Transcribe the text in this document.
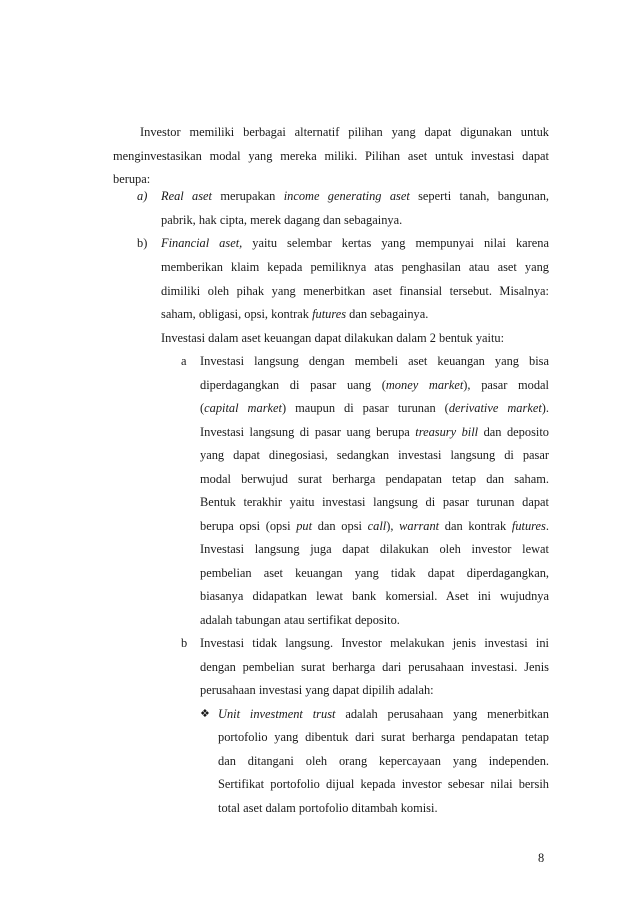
Investor memiliki berbagai alternatif pilihan yang dapat digunakan untuk
menginvestasikan modal yang mereka miliki. Pilihan aset untuk investasi dapat
berupa:
a) Real aset merupakan income generating aset seperti tanah, bangunan,
pabrik, hak cipta, merek dagang dan sebagainya.
b) Financial aset, yaitu selembar kertas yang mempunyai nilai karena
memberikan klaim kepada pemiliknya atas penghasilan atau aset yang
dimiliki oleh pihak yang menerbitkan aset finansial tersebut. Misalnya:
saham, obligasi, opsi, kontrak futures dan sebagainya.
Investasi dalam aset keuangan dapat dilakukan dalam 2 bentuk yaitu:
a Investasi langsung dengan membeli aset keuangan yang bisa
diperdagangkan di pasar uang (money market), pasar modal
(capital market) maupun di pasar turunan (derivative market).
Investasi langsung di pasar uang berupa treasury bill dan deposito
yang dapat dinegosiasi, sedangkan investasi langsung di pasar
modal berwujud surat berharga pendapatan tetap dan saham.
Bentuk terakhir yaitu investasi langsung di pasar turunan dapat
berupa opsi (opsi put dan opsi call), warrant dan kontrak futures.
Investasi langsung juga dapat dilakukan oleh investor lewat
pembelian aset keuangan yang tidak dapat diperdagangkan,
biasanya didapatkan lewat bank komersial. Aset ini wujudnya
adalah tabungan atau sertifikat deposito.
b Investasi tidak langsung. Investor melakukan jenis investasi ini
dengan pembelian surat berharga dari perusahaan investasi. Jenis
perusahaan investasi yang dapat dipilih adalah:
❖ Unit investment trust adalah perusahaan yang menerbitkan
portofolio yang dibentuk dari surat berharga pendapatan tetap
dan ditangani oleh orang kepercayaan yang independen.
Sertifikat portofolio dijual kepada investor sebesar nilai bersih
total aset dalam portofolio ditambah komisi.
8
